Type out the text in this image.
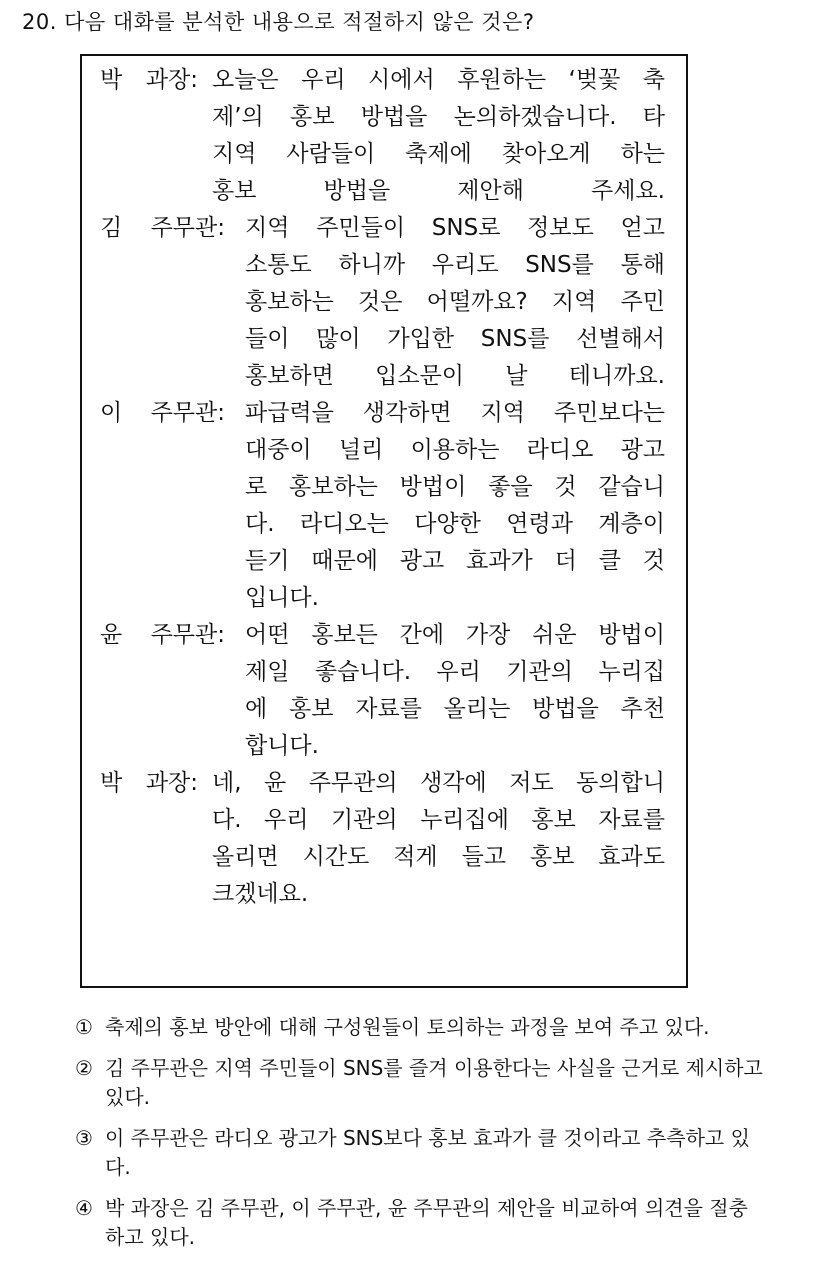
20. 다음 대화를 분석한 내용으로 적절하지 않은 것은?
박 과장: 오늘은 우리 시에서 후원하는 ‘벚꽃 축
제’의 홍보 방법을 논의하겠습니다. 타
지역 사람들이 축제에 찾아오게 하는
홍보 방법을 제안해 주세요.
김 주무관: 지역 주민들이 SNS로 정보도 얻고
소통도 하니까 우리도 SNS를 통해
홍보하는 것은 어떨까요? 지역 주민
들이 많이 가입한 SNS를 선별해서
홍보하면 입소문이 날 테니까요.
이 주무관: 파급력을 생각하면 지역 주민보다는
대중이 널리 이용하는 라디오 광고
로 홍보하는 방법이 좋을 것 같습니
다. 라디오는 다양한 연령과 계층이
듣기 때문에 광고 효과가 더 클 것
입니다.
윤 주무관: 어떤 홍보든 간에 가장 쉬운 방법이
제일 좋습니다. 우리 기관의 누리집
에 홍보 자료를 올리는 방법을 추천
합니다.
박 과장: 네, 윤 주무관의 생각에 저도 동의합니
다. 우리 기관의 누리집에 홍보 자료를
올리면 시간도 적게 들고 홍보 효과도
크겠네요.
① 축제의 홍보 방안에 대해 구성원들이 토의하는 과정을 보여 주고 있다.
② 김 주무관은 지역 주민들이 SNS를 즐겨 이용한다는 사실을 근거로 제시하고 있다.
③ 이 주무관은 라디오 광고가 SNS보다 홍보 효과가 클 것이라고 추측하고 있다.
④ 박 과장은 김 주무관, 이 주무관, 윤 주무관의 제안을 비교하여 의견을 절충하고 있다.
